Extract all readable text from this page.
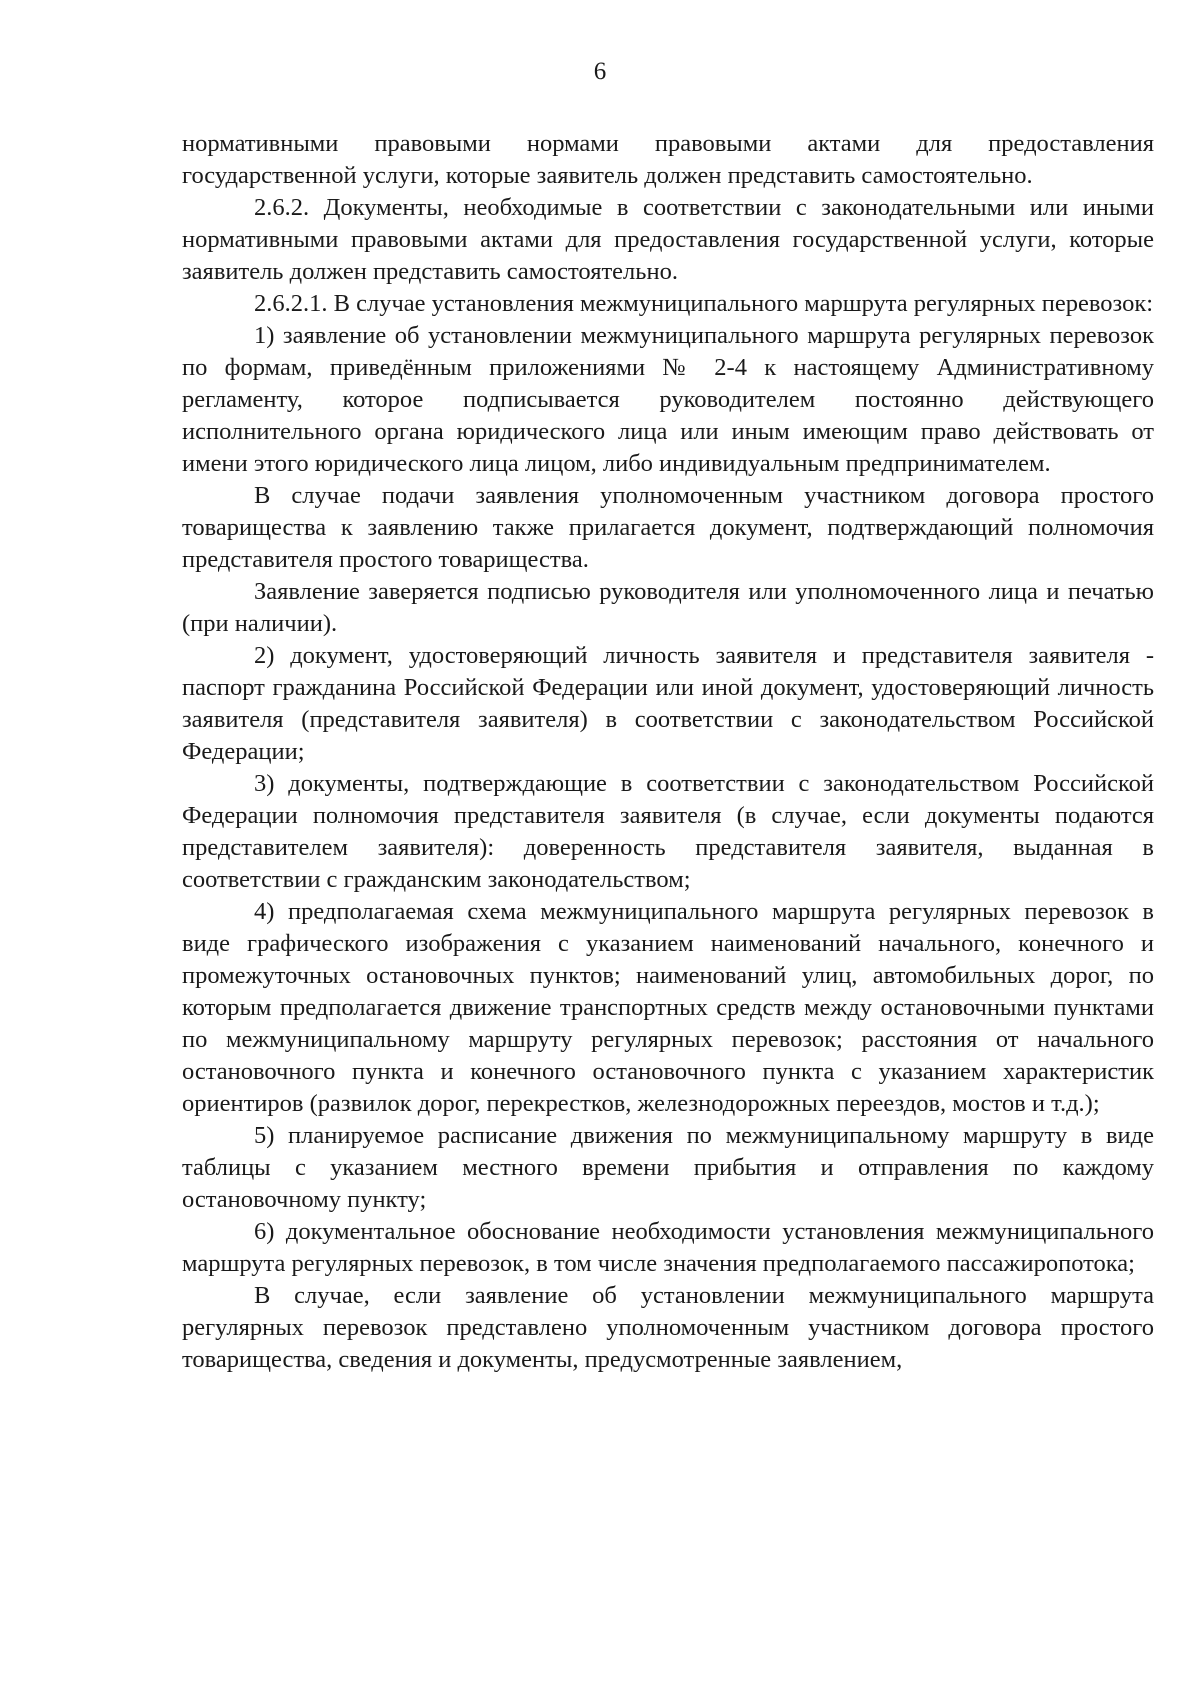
6

нормативными правовыми нормами правовыми актами для предоставления государственной услуги, которые заявитель должен представить самостоятельно.

2.6.2. Документы, необходимые в соответствии с законодательными или иными нормативными правовыми актами для предоставления государственной услуги, которые заявитель должен представить самостоятельно.

2.6.2.1. В случае установления межмуниципального маршрута регулярных перевозок:

1) заявление об установлении межмуниципального маршрута регулярных перевозок по формам, приведённым приложениями № 2-4 к настоящему Административному регламенту, которое подписывается руководителем постоянно действующего исполнительного органа юридического лица или иным имеющим право действовать от имени этого юридического лица лицом, либо индивидуальным предпринимателем.

В случае подачи заявления уполномоченным участником договора простого товарищества к заявлению также прилагается документ, подтверждающий полномочия представителя простого товарищества.

Заявление заверяется подписью руководителя или уполномоченного лица и печатью (при наличии).

2) документ, удостоверяющий личность заявителя и представителя заявителя - паспорт гражданина Российской Федерации или иной документ, удостоверяющий личность заявителя (представителя заявителя) в соответствии с законодательством Российской Федерации;

3) документы, подтверждающие в соответствии с законодательством Российской Федерации полномочия представителя заявителя (в случае, если документы подаются представителем заявителя): доверенность представителя заявителя, выданная в соответствии с гражданским законодательством;

4) предполагаемая схема межмуниципального маршрута регулярных перевозок в виде графического изображения с указанием наименований начального, конечного и промежуточных остановочных пунктов; наименований улиц, автомобильных дорог, по которым предполагается движение транспортных средств между остановочными пунктами по межмуниципальному маршруту регулярных перевозок; расстояния от начального остановочного пункта и конечного остановочного пункта с указанием характеристик ориентиров (развилок дорог, перекрестков, железнодорожных переездов, мостов и т.д.);

5) планируемое расписание движения по межмуниципальному маршруту в виде таблицы с указанием местного времени прибытия и отправления по каждому остановочному пункту;

6) документальное обоснование необходимости установления межмуниципального маршрута регулярных перевозок, в том числе значения предполагаемого пассажиропотока;

В случае, если заявление об установлении межмуниципального маршрута регулярных перевозок представлено уполномоченным участником договора простого товарищества, сведения и документы, предусмотренные заявлением,
